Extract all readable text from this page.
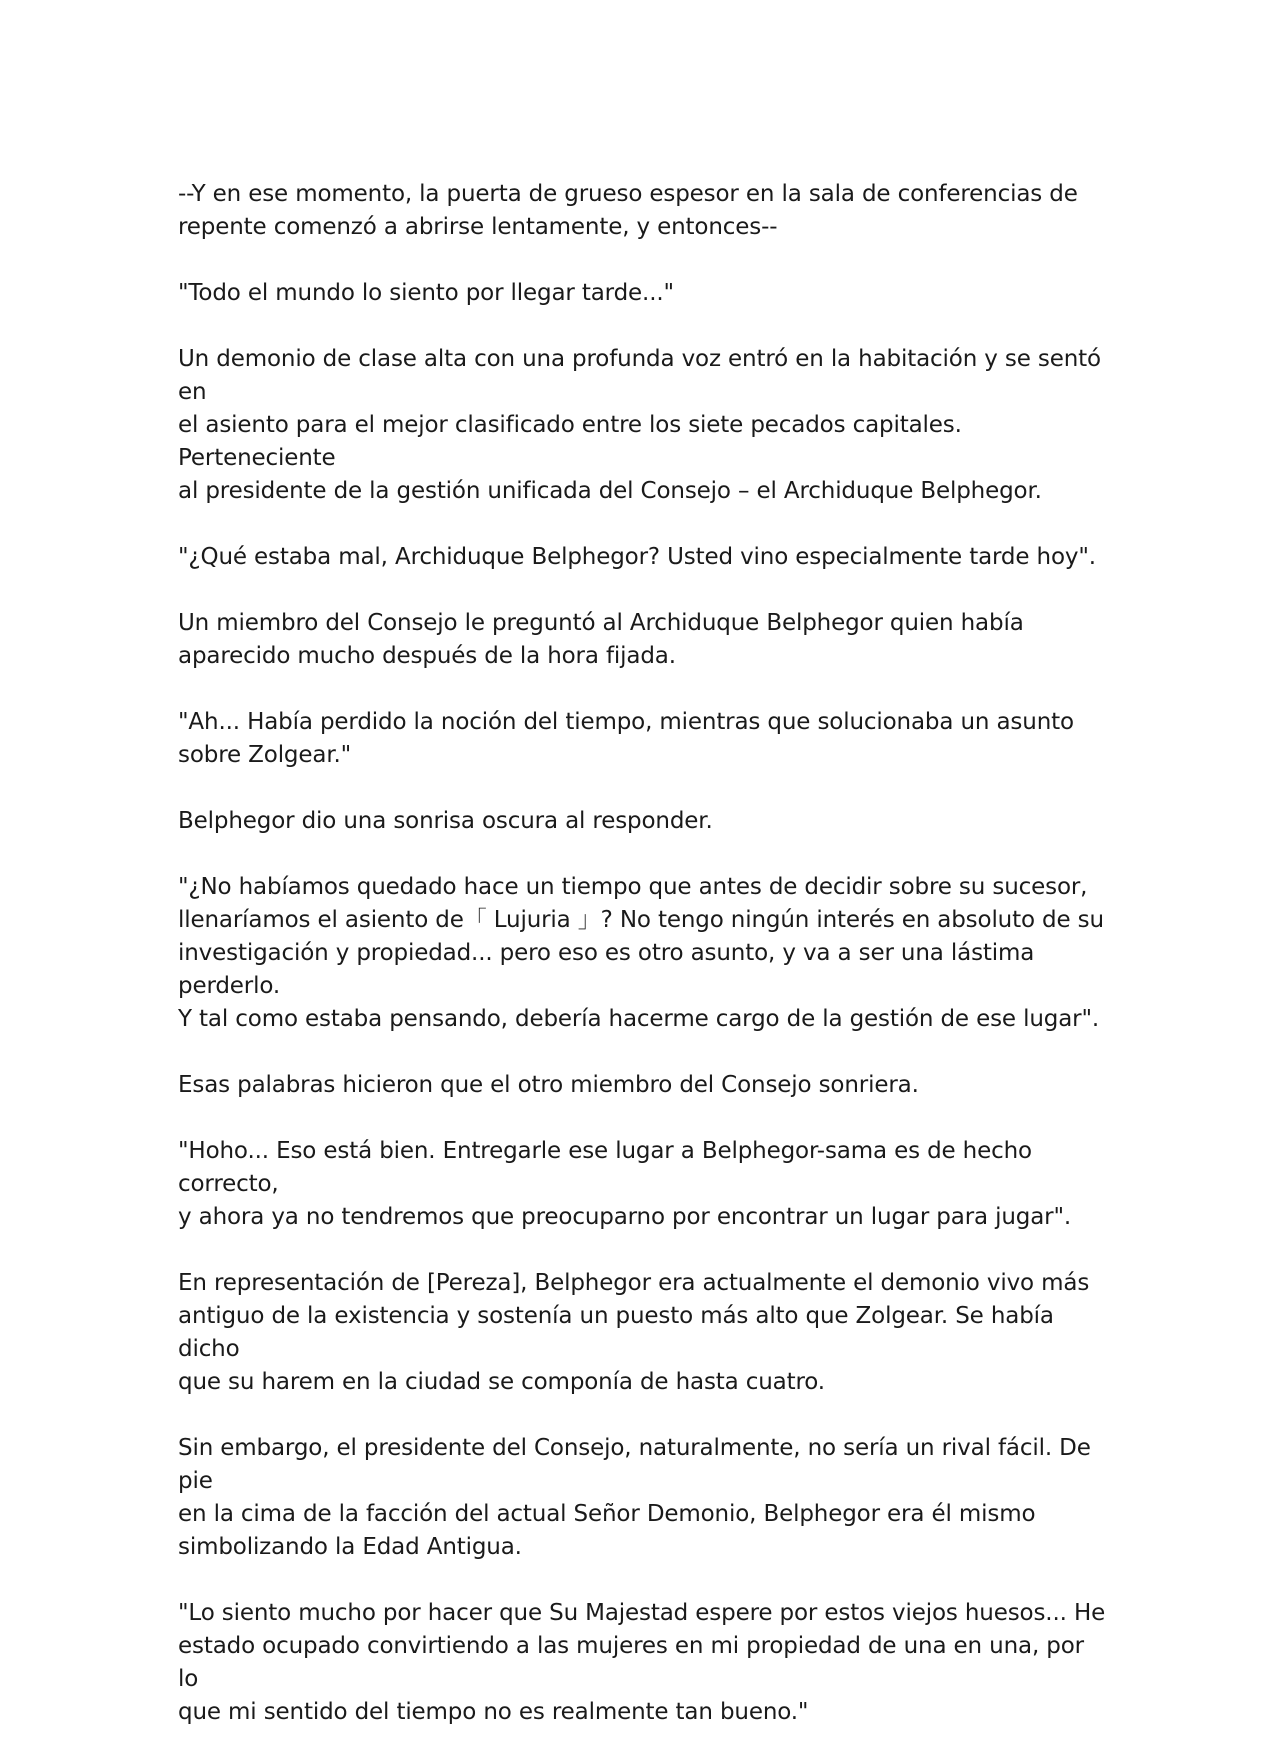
--Y en ese momento, la puerta de grueso espesor en la sala de conferencias de
repente comenzó a abrirse lentamente, y entonces--

"Todo el mundo lo siento por llegar tarde..."

Un demonio de clase alta con una profunda voz entró en la habitación y se sentó en
el asiento para el mejor clasificado entre los siete pecados capitales. Perteneciente
al presidente de la gestión unificada del Consejo – el Archiduque Belphegor.

"¿Qué estaba mal, Archiduque Belphegor? Usted vino especialmente tarde hoy".

Un miembro del Consejo le preguntó al Archiduque Belphegor quien había
aparecido mucho después de la hora fijada.

"Ah... Había perdido la noción del tiempo, mientras que solucionaba un asunto
sobre Zolgear."

Belphegor dio una sonrisa oscura al responder.

"¿No habíamos quedado hace un tiempo que antes de decidir sobre su sucesor,
llenaríamos el asiento de「 Lujuria 」? No tengo ningún interés en absoluto de su
investigación y propiedad... pero eso es otro asunto, y va a ser una lástima perderlo.
Y tal como estaba pensando, debería hacerme cargo de la gestión de ese lugar".

Esas palabras hicieron que el otro miembro del Consejo sonriera.

"Hoho... Eso está bien. Entregarle ese lugar a Belphegor-sama es de hecho correcto,
y ahora ya no tendremos que preocuparno por encontrar un lugar para jugar".

En representación de [Pereza], Belphegor era actualmente el demonio vivo más
antiguo de la existencia y sostenía un puesto más alto que Zolgear. Se había dicho
que su harem en la ciudad se componía de hasta cuatro.

Sin embargo, el presidente del Consejo, naturalmente, no sería un rival fácil. De pie
en la cima de la facción del actual Señor Demonio, Belphegor era él mismo
simbolizando la Edad Antigua.

"Lo siento mucho por hacer que Su Majestad espere por estos viejos huesos... He
estado ocupado convirtiendo a las mujeres en mi propiedad de una en una, por lo
que mi sentido del tiempo no es realmente tan bueno."
